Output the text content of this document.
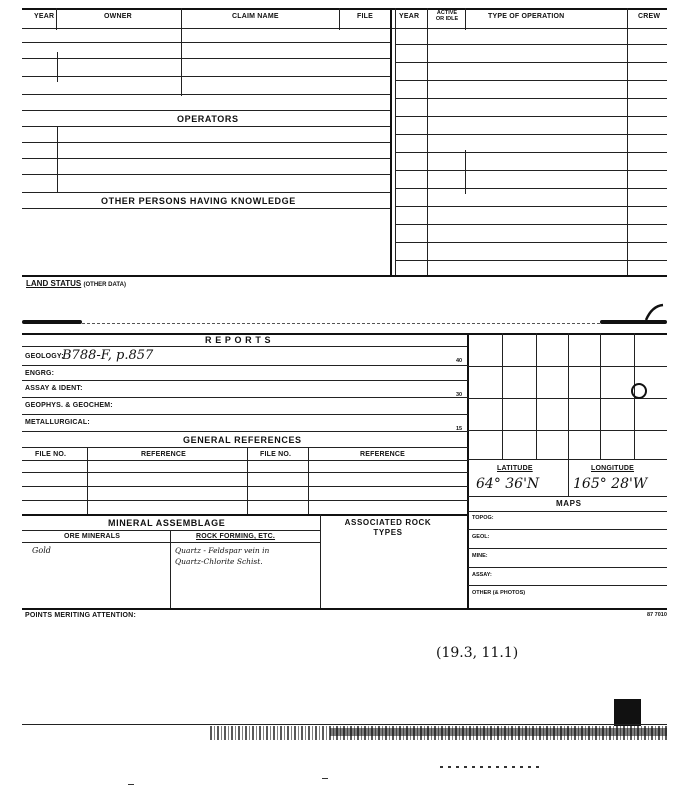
YEAR	OWNER	CLAIM NAME	FILE	YEAR	ACTIVE OR IDLE	TYPE OF OPERATION	CREW
OPERATORS
OTHER PERSONS HAVING KNOWLEDGE
LAND STATUS (OTHER DATA)
R E P O R T S
GEOLOGY:
B788-F, p.857
ENGRG:
ASSAY & IDENT:
GEOPHYS. & GEOCHEM:
METALLURGICAL:
40
30
15
GENERAL REFERENCES
FILE NO.	REFERENCE	FILE NO.	REFERENCE
MINERAL ASSEMBLAGE	ASSOCIATED ROCK TYPES
ORE MINERALS	ROCK FORMING, ETC.
Gold	Quartz - Feldspar vein in
Quartz-Chlorite Schist.
POINTS MERITING ATTENTION:	87 7010
LATITUDE	LONGITUDE
64° 36'N 165° 28'W
MAPS
TOPOG:
GEOL:
MINE:
ASSAY:
OTHER (& PHOTOS)
(19.3, 11.1)
